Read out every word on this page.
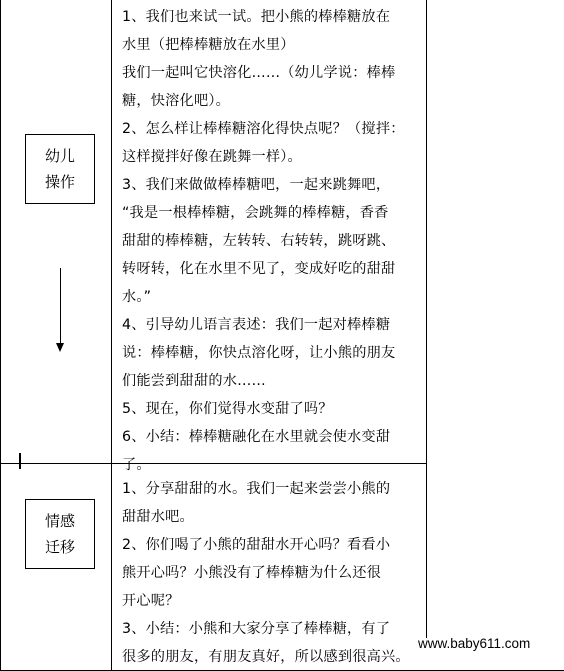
幼儿
操作
情感
迁移

1、我们也来试一试。把小熊的棒棒糖放在

水里（把棒棒糖放在水里）

我们一起叫它快溶化……（幼儿学说：棒棒

糖，快溶化吧）。

2、怎么样让棒棒糖溶化得快点呢？（搅拌：

这样搅拌好像在跳舞一样）。

3、我们来做做棒棒糖吧，一起来跳舞吧，

“我是一根棒棒糖，会跳舞的棒棒糖，香香

甜甜的棒棒糖，左转转、右转转，跳呀跳、

转呀转，化在水里不见了，变成好吃的甜甜

水。”

4、引导幼儿语言表述：我们一起对棒棒糖

说：棒棒糖，你快点溶化呀，让小熊的朋友

们能尝到甜甜的水……

5、现在，你们觉得水变甜了吗？

6、小结：棒棒糖融化在水里就会使水变甜

了。

1、分享甜甜的水。我们一起来尝尝小熊的

甜甜水吧。

2、你们喝了小熊的甜甜水开心吗？看看小

熊开心吗？小熊没有了棒棒糖为什么还很

开心呢？

3、小结：小熊和大家分享了棒棒糖，有了

很多的朋友，有朋友真好，所以感到很高兴。

www.baby611.com
